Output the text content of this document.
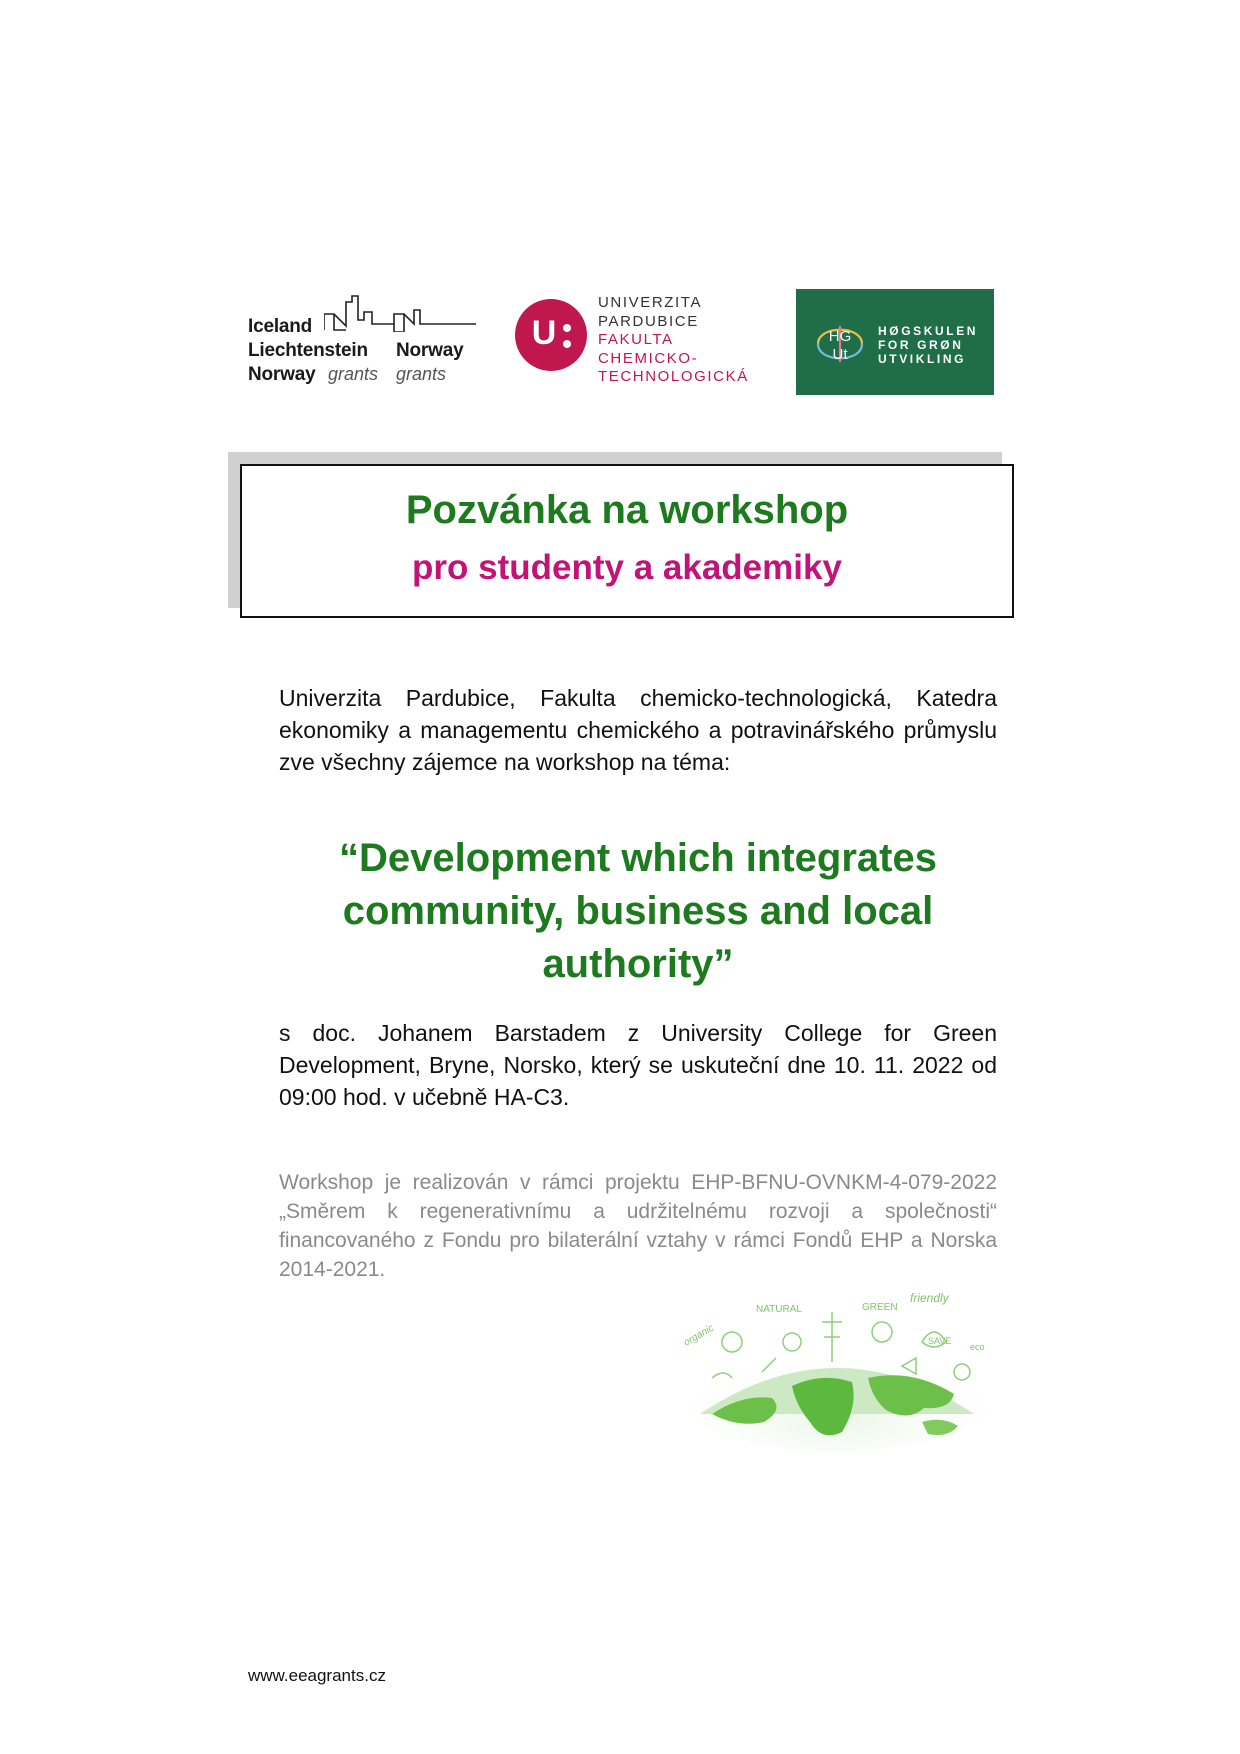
Iceland
Liechtenstein
Norway grants
Norway
grants
U
UNIVERZITA
PARDUBICE
FAKULTA
CHEMICKO-
TECHNOLOGICKÁ
HG
Ut
HØGSKULEN
FOR GRØN
UTVIKLING
Pozvánka na workshop
pro studenty a akademiky
Univerzita Pardubice, Fakulta chemicko-technologická, Katedra ekonomiky a managementu chemického a potravinářského průmyslu zve všechny zájemce na workshop na téma:
“Development which integrates community, business and local authority”
s doc. Johanem Barstadem z University College for Green Development, Bryne, Norsko, který se uskuteční dne 10. 11. 2022 od 09:00 hod. v učebně HA-C3.
Workshop je realizován v rámci projektu EHP-BFNU-OVNKM-4-079-2022 „Směrem k regenerativnímu a udržitelnému rozvoji a společnosti“ financovaného z Fondu pro bilaterální vztahy v rámci Fondů EHP a Norska 2014-2021.
NATURAL
friendly
organic
GREEN
SAVE
eco
www.eeagrants.cz
